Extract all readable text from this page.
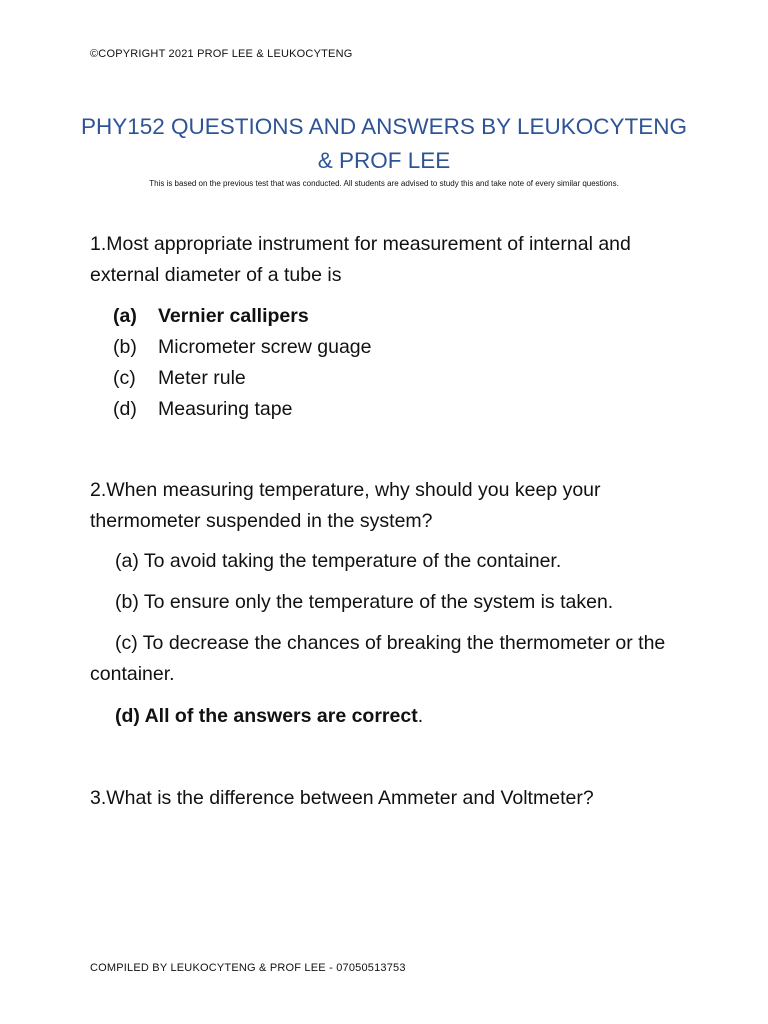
©COPYRIGHT 2021 PROF LEE & LEUKOCYTENG
PHY152 QUESTIONS AND ANSWERS BY LEUKOCYTENG & PROF LEE
This is based on the previous test that was conducted. All students are advised to study this and take note of every similar questions.
1.Most appropriate instrument for measurement of internal and external diameter of a tube is
(a) Vernier callipers
(b) Micrometer screw guage
(c) Meter rule
(d) Measuring tape
2.When measuring temperature, why should you keep your thermometer suspended in the system?
(a) To avoid taking the temperature of the container.
(b) To ensure only the temperature of the system is taken.
(c) To decrease the chances of breaking the thermometer or the container.
(d) All of the answers are correct.
3.What is the difference between Ammeter and Voltmeter?
COMPILED BY LEUKOCYTENG & PROF LEE - 07050513753
